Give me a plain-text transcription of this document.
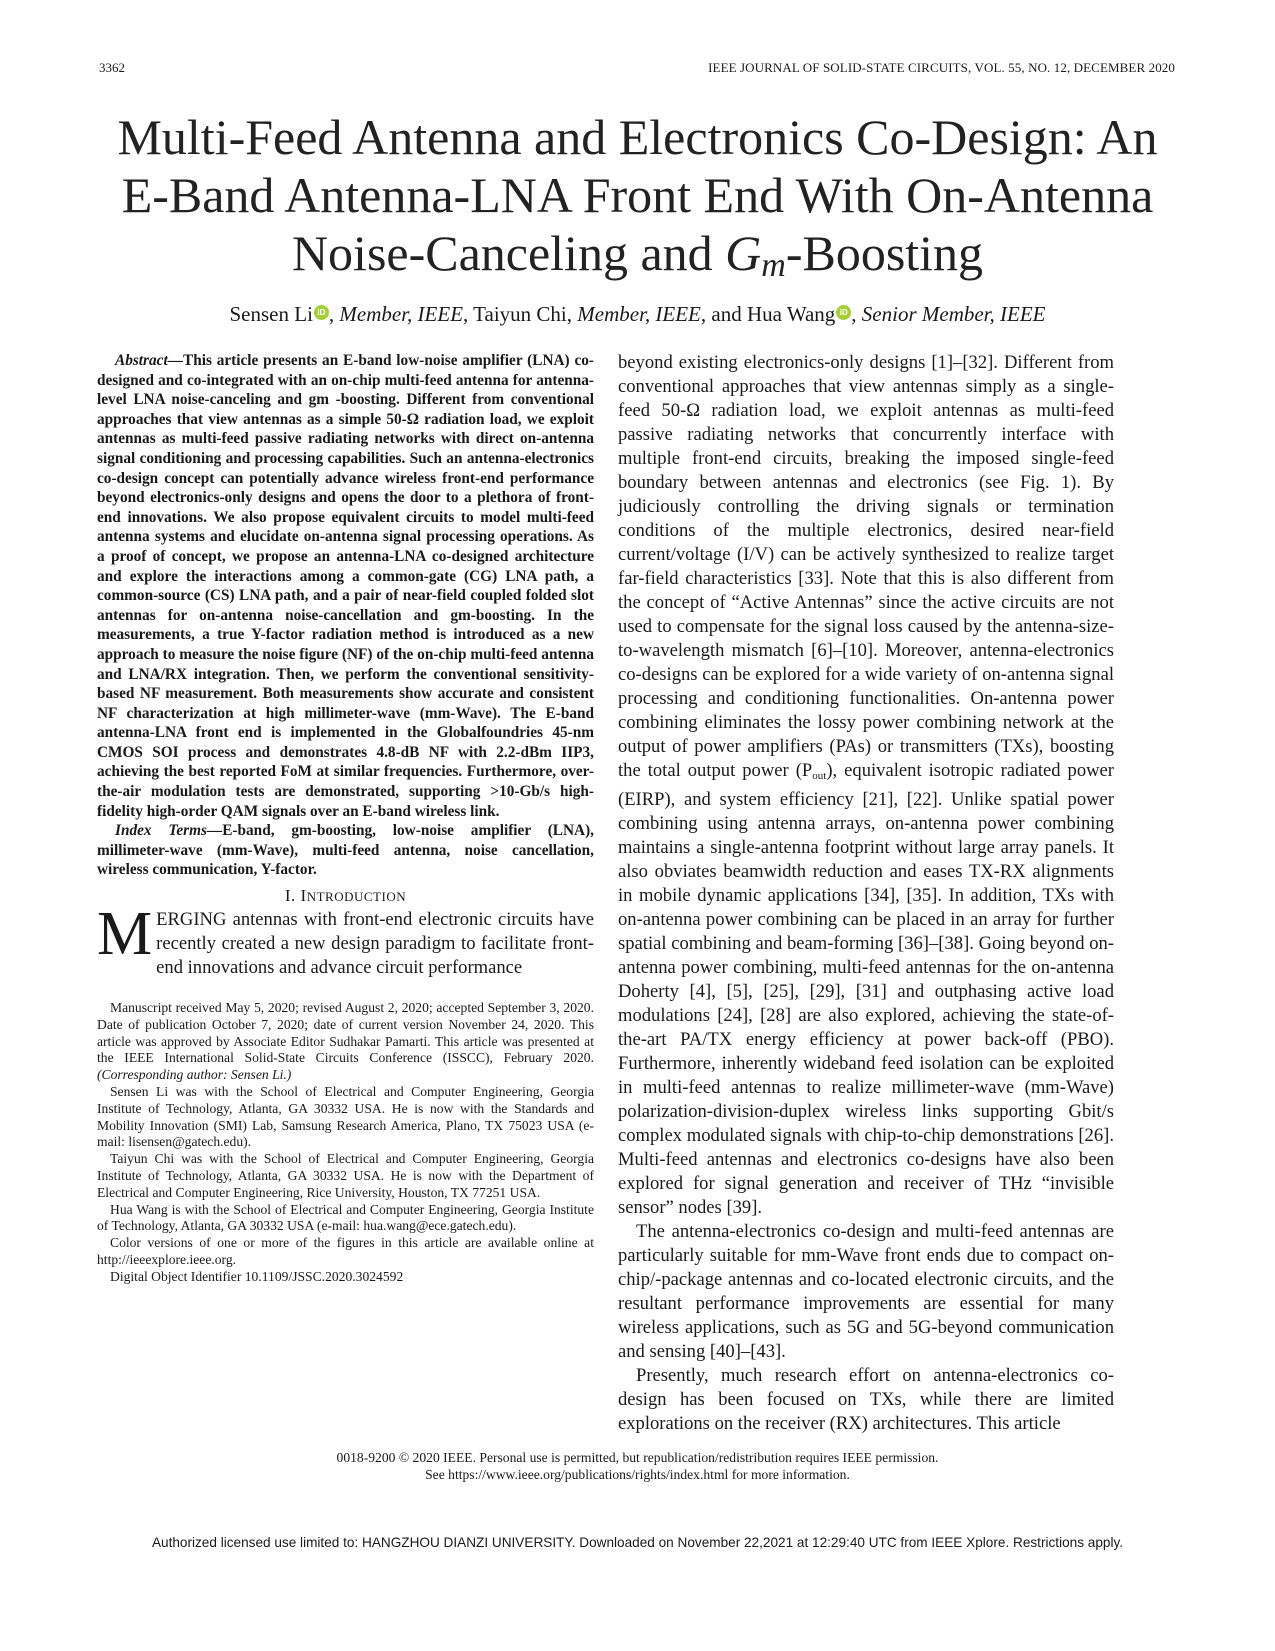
3362	IEEE JOURNAL OF SOLID-STATE CIRCUITS, VOL. 55, NO. 12, DECEMBER 2020
Multi-Feed Antenna and Electronics Co-Design: An
E-Band Antenna-LNA Front End With On-Antenna
Noise-Canceling and $G_m$-Boosting
Sensen Li iD , Member, IEEE, Taiyun Chi, Member, IEEE, and Hua Wang iD , Senior Member, IEEE

Abstract—This article presents an E-band low-noise amplifier (LNA) co-designed and co-integrated with an on-chip multi-feed antenna for antenna-level LNA noise-canceling and gm -boosting. Different from conventional approaches that view antennas as a simple 50-Ω radiation load, we exploit antennas as multi-feed passive radiating networks with direct on-antenna signal conditioning and processing capabilities. Such an antenna-electronics co-design concept can potentially advance wireless front-end performance beyond electronics-only designs and opens the door to a plethora of front-end innovations. We also propose equivalent circuits to model multi-feed antenna systems and elucidate on-antenna signal processing operations. As a proof of concept, we propose an antenna-LNA co-designed architecture and explore the interactions among a common-gate (CG) LNA path, a common-source (CS) LNA path, and a pair of near-field coupled folded slot antennas for on-antenna noise-cancellation and gm-boosting. In the measurements, a true Y-factor radiation method is introduced as a new approach to measure the noise figure (NF) of the on-chip multi-feed antenna and LNA/RX integration. Then, we perform the conventional sensitivity-based NF measurement. Both measurements show accurate and consistent NF characterization at high millimeter-wave (mm-Wave). The E-band antenna-LNA front end is implemented in the Globalfoundries 45-nm CMOS SOI process and demonstrates 4.8-dB NF with 2.2-dBm IIP3, achieving the best reported FoM at similar frequencies. Furthermore, over-the-air modulation tests are demonstrated, supporting >10-Gb/s high-fidelity high-order QAM signals over an E-band wireless link.

Index Terms—E-band, gm-boosting, low-noise amplifier (LNA), millimeter-wave (mm-Wave), multi-feed antenna, noise cancellation, wireless communication, Y-factor.

I. INTRODUCTION

MERGING antennas with front-end electronic circuits have recently created a new design paradigm to facilitate front-end innovations and advance circuit performance

Manuscript received May 5, 2020; revised August 2, 2020; accepted September 3, 2020. Date of publication October 7, 2020; date of current version November 24, 2020. This article was approved by Associate Editor Sudhakar Pamarti. This article was presented at the IEEE International Solid-State Circuits Conference (ISSCC), February 2020. (Corresponding author: Sensen Li.)

Sensen Li was with the School of Electrical and Computer Engineering, Georgia Institute of Technology, Atlanta, GA 30332 USA. He is now with the Standards and Mobility Innovation (SMI) Lab, Samsung Research America, Plano, TX 75023 USA (e-mail: lisensen@gatech.edu).

Taiyun Chi was with the School of Electrical and Computer Engineering, Georgia Institute of Technology, Atlanta, GA 30332 USA. He is now with the Department of Electrical and Computer Engineering, Rice University, Houston, TX 77251 USA.

Hua Wang is with the School of Electrical and Computer Engineering, Georgia Institute of Technology, Atlanta, GA 30332 USA (e-mail: hua.wang@ece.gatech.edu).

Color versions of one or more of the figures in this article are available online at http://ieeexplore.ieee.org.

Digital Object Identifier 10.1109/JSSC.2020.3024592

beyond existing electronics-only designs [1]–[32]. Different from conventional approaches that view antennas simply as a single-feed 50-Ω radiation load, we exploit antennas as multi-feed passive radiating networks that concurrently interface with multiple front-end circuits, breaking the imposed single-feed boundary between antennas and electronics (see Fig. 1). By judiciously controlling the driving signals or termination conditions of the multiple electronics, desired near-field current/voltage (I/V) can be actively synthesized to realize target far-field characteristics [33]. Note that this is also different from the concept of “Active Antennas” since the active circuits are not used to compensate for the signal loss caused by the antenna-size-to-wavelength mismatch [6]–[10]. Moreover, antenna-electronics co-designs can be explored for a wide variety of on-antenna signal processing and conditioning functionalities. On-antenna power combining eliminates the lossy power combining network at the output of power amplifiers (PAs) or transmitters (TXs), boosting the total output power $(P_{out})$, equivalent isotropic radiated power (EIRP), and system efficiency [21], [22]. Unlike spatial power combining using antenna arrays, on-antenna power combining maintains a single-antenna footprint without large array panels. It also obviates beamwidth reduction and eases TX-RX alignments in mobile dynamic applications [34], [35]. In addition, TXs with on-antenna power combining can be placed in an array for further spatial combining and beam-forming [36]–[38]. Going beyond on-antenna power combining, multi-feed antennas for the on-antenna Doherty [4], [5], [25], [29], [31] and outphasing active load modulations [24], [28] are also explored, achieving the state-of-the-art PA/TX energy efficiency at power back-off (PBO). Furthermore, inherently wideband feed isolation can be exploited in multi-feed antennas to realize millimeter-wave (mm-Wave) polarization-division-duplex wireless links supporting Gbit/s complex modulated signals with chip-to-chip demonstrations [26]. Multi-feed antennas and electronics co-designs have also been explored for signal generation and receiver of THz “invisible sensor” nodes [39].

The antenna-electronics co-design and multi-feed antennas are particularly suitable for mm-Wave front ends due to compact on-chip/-package antennas and co-located electronic circuits, and the resultant performance improvements are essential for many wireless applications, such as 5G and 5G-beyond communication and sensing [40]–[43].

Presently, much research effort on antenna-electronics co-design has been focused on TXs, while there are limited explorations on the receiver (RX) architectures. This article

0018-9200 © 2020 IEEE. Personal use is permitted, but republication/redistribution requires IEEE permission.
See https://www.ieee.org/publications/rights/index.html for more information.
Authorized licensed use limited to: HANGZHOU DIANZI UNIVERSITY. Downloaded on November 22,2021 at 12:29:40 UTC from IEEE Xplore. Restrictions apply.
